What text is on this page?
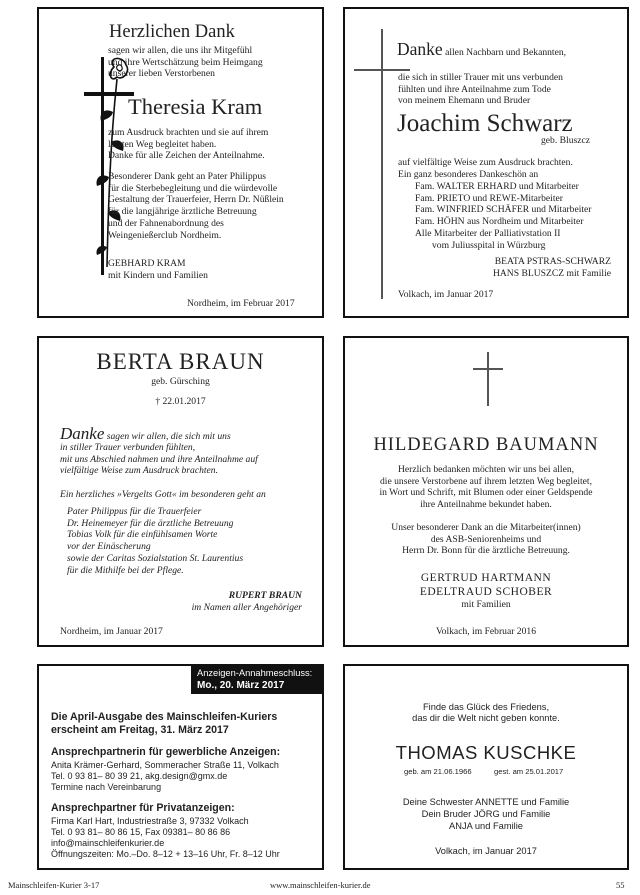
Herzlichen Dank
sagen wir allen, die uns ihr Mitgefühl
und ihre Wertschätzung beim Heimgang
unserer lieben Verstorbenen
Theresia Kram
zum Ausdruck brachten und sie auf ihrem
letzten Weg begleitet haben.
Danke für alle Zeichen der Anteilnahme.
Besonderer Dank geht an Pater Philippus
für die Sterbebegleitung und die würdevolle
Gestaltung der Trauerfeier, Herrn Dr. Nüßlein
für die langjährige ärztliche Betreuung
und der Fahnenabordnung des
Weingenießerclub Nordheim.
GEBHARD KRAM
mit Kindern und Familien
Nordheim, im Februar 2017
Danke allen Nachbarn und Bekannten,
die sich in stiller Trauer mit uns verbunden
fühlten und ihre Anteilnahme zum Tode
von meinem Ehemann und Bruder
Joachim Schwarz
geb. Bluszcz
auf vielfältige Weise zum Ausdruck brachten.
Ein ganz besonderes Dankeschön an
Fam. WALTER ERHARD und Mitarbeiter
Fam. PRIETO und REWE-Mitarbeiter
Fam. WINFRIED SCHÄFER und Mitarbeiter
Fam. HÖHN aus Nordheim und Mitarbeiter
Alle Mitarbeiter der Palliativstation II
vom Juliusspital in Würzburg
BEATA PSTRAS-SCHWARZ
HANS BLUSZCZ mit Familie
Volkach, im Januar 2017
BERTA BRAUN
geb. Gürsching
† 22.01.2017
Danke sagen wir allen, die sich mit uns
in stiller Trauer verbunden fühlten,
mit uns Abschied nahmen und ihre Anteilnahme auf
vielfältige Weise zum Ausdruck brachten.
Ein herzliches »Vergelts Gott« im besonderen geht an
Pater Philippus für die Trauerfeier
Dr. Heinemeyer für die ärztliche Betreuung
Tobias Volk für die einfühlsamen Worte
vor der Einäscherung
sowie der Caritas Sozialstation St. Laurentius
für die Mithilfe bei der Pflege.
RUPERT BRAUN
im Namen aller Angehöriger
Nordheim, im Januar 2017
HILDEGARD BAUMANN
Herzlich bedanken möchten wir uns bei allen,
die unsere Verstorbene auf ihrem letzten Weg begleitet,
in Wort und Schrift, mit Blumen oder einer Geldspende
ihre Anteilnahme bekundet haben.
Unser besonderer Dank an die Mitarbeiter(innen)
des ASB-Seniorenheims und
Herrn Dr. Bonn für die ärztliche Betreuung.
GERTRUD HARTMANN
EDELTRAUD SCHOBER
mit Familien
Volkach, im Februar 2016
Anzeigen-Annahmeschluss:
Mo., 20. März 2017
Die April-Ausgabe des Mainschleifen-Kuriers
erscheint am Freitag, 31. März 2017
Ansprechpartnerin für gewerbliche Anzeigen:
Anita Krämer-Gerhard, Sommeracher Straße 11, Volkach
Tel. 0 93 81– 80 39 21, akg.design@gmx.de
Termine nach Vereinbarung
Ansprechpartner für Privatanzeigen:
Firma Karl Hart, Industriestraße 3, 97332 Volkach
Tel. 0 93 81– 80 86 15, Fax 09381– 80 86 86
info@mainschleifenkurier.de
Öffnungszeiten: Mo.–Do. 8–12 + 13–16 Uhr, Fr. 8–12 Uhr
Finde das Glück des Friedens,
das dir die Welt nicht geben konnte.
THOMAS KUSCHKE
geb. am 21.06.1966	gest. am 25.01.2017
Deine Schwester ANNETTE und Familie
Dein Bruder JÖRG und Familie
ANJA und Familie
Volkach, im Januar 2017
Mainschleifen-Kurier 3-17	www.mainschleifen-kurier.de	55
